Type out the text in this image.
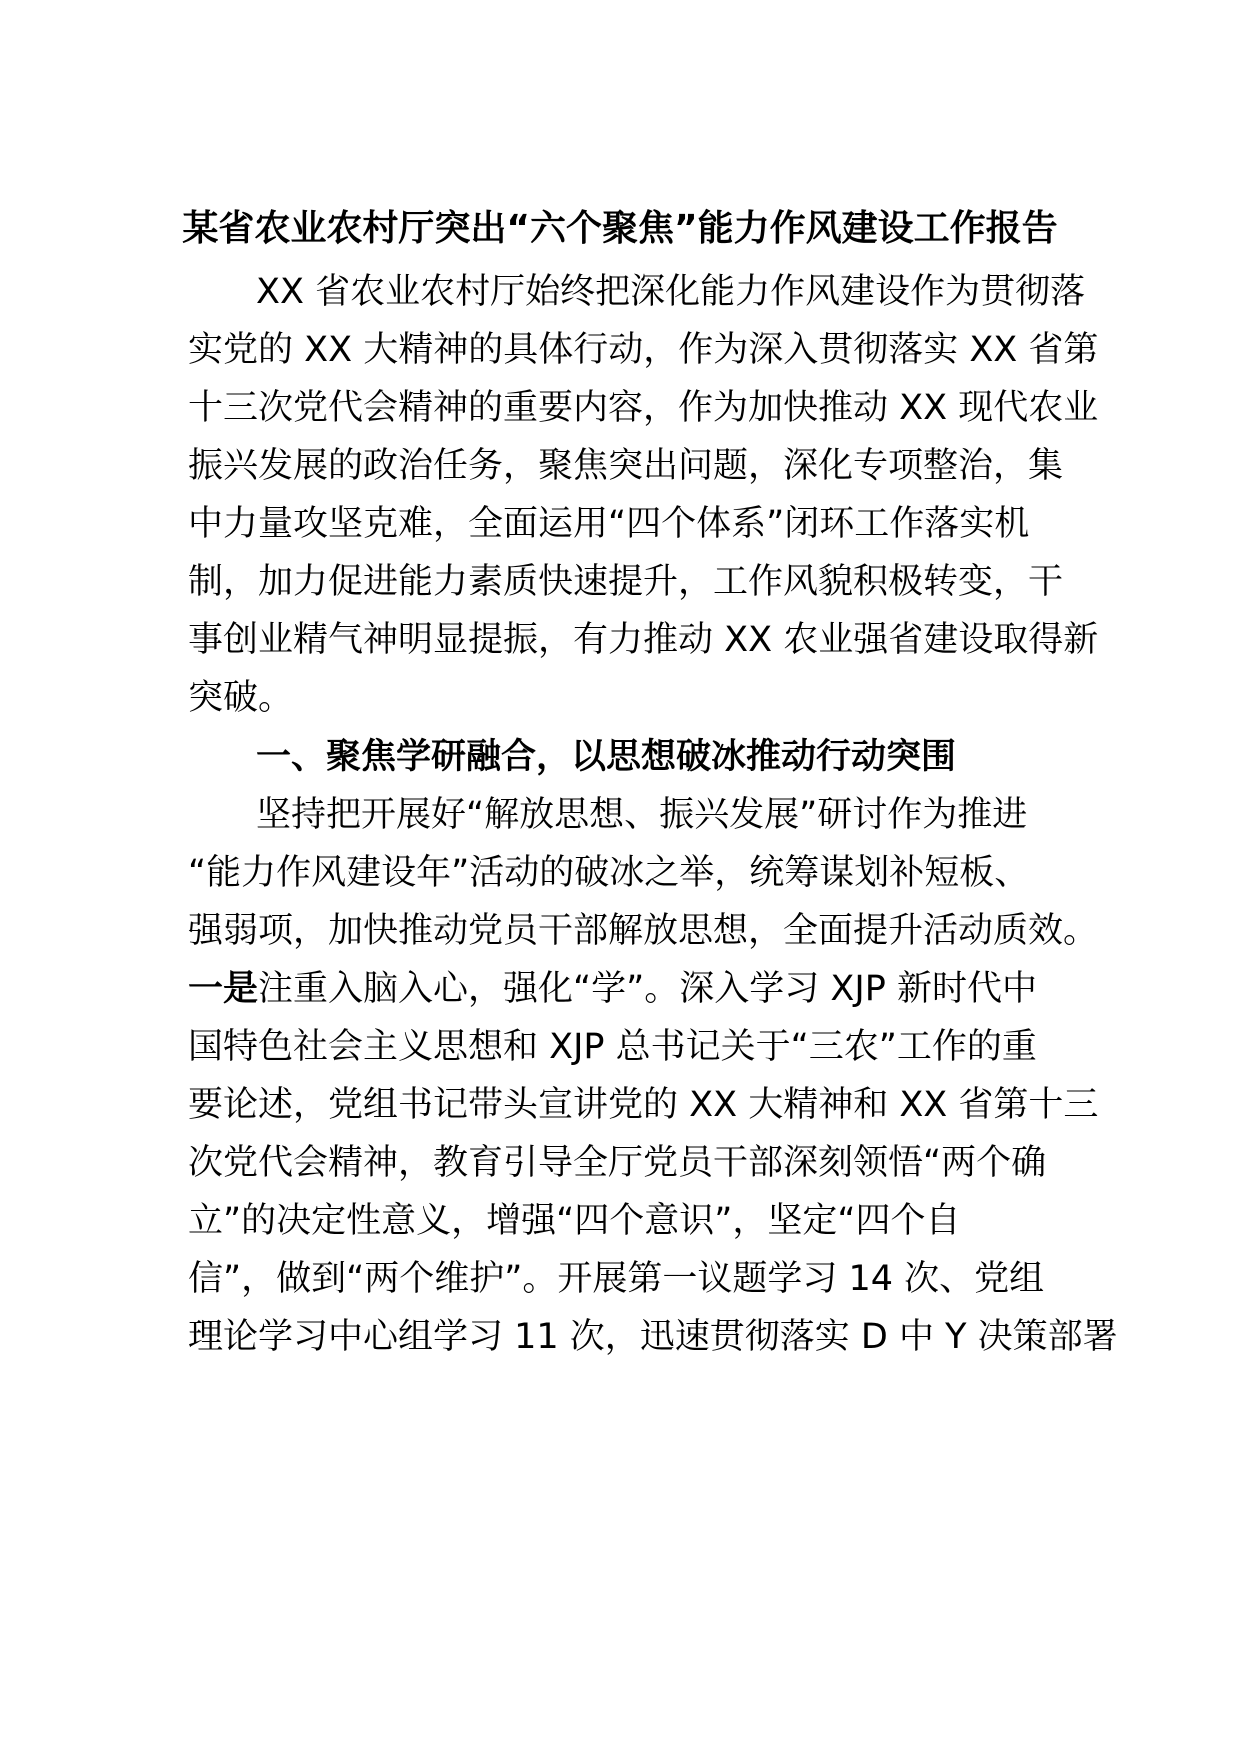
某省农业农村厅突出“六个聚焦”能力作风建设工作报告
XX 省农业农村厅始终把深化能力作风建设作为贯彻落
实党的 XX 大精神的具体行动，作为深入贯彻落实 XX 省第
十三次党代会精神的重要内容，作为加快推动 XX 现代农业
振兴发展的政治任务，聚焦突出问题，深化专项整治，集
中力量攻坚克难，全面运用“四个体系”闭环工作落实机
制，加力促进能力素质快速提升，工作风貌积极转变，干
事创业精气神明显提振，有力推动 XX 农业强省建设取得新
突破。
一、聚焦学研融合，以思想破冰推动行动突围
坚持把开展好“解放思想、振兴发展”研讨作为推进
“能力作风建设年”活动的破冰之举，统筹谋划补短板、
强弱项，加快推动党员干部解放思想，全面提升活动质效。
一是注重入脑入心，强化“学”。深入学习 XJP 新时代中
国特色社会主义思想和 XJP 总书记关于“三农”工作的重
要论述，党组书记带头宣讲党的 XX 大精神和 XX 省第十三
次党代会精神，教育引导全厅党员干部深刻领悟“两个确
立”的决定性意义，增强“四个意识”，坚定“四个自
信”，做到“两个维护”。开展第一议题学习 14 次、党组
理论学习中心组学习 11 次，迅速贯彻落实 D 中 Y 决策部署
